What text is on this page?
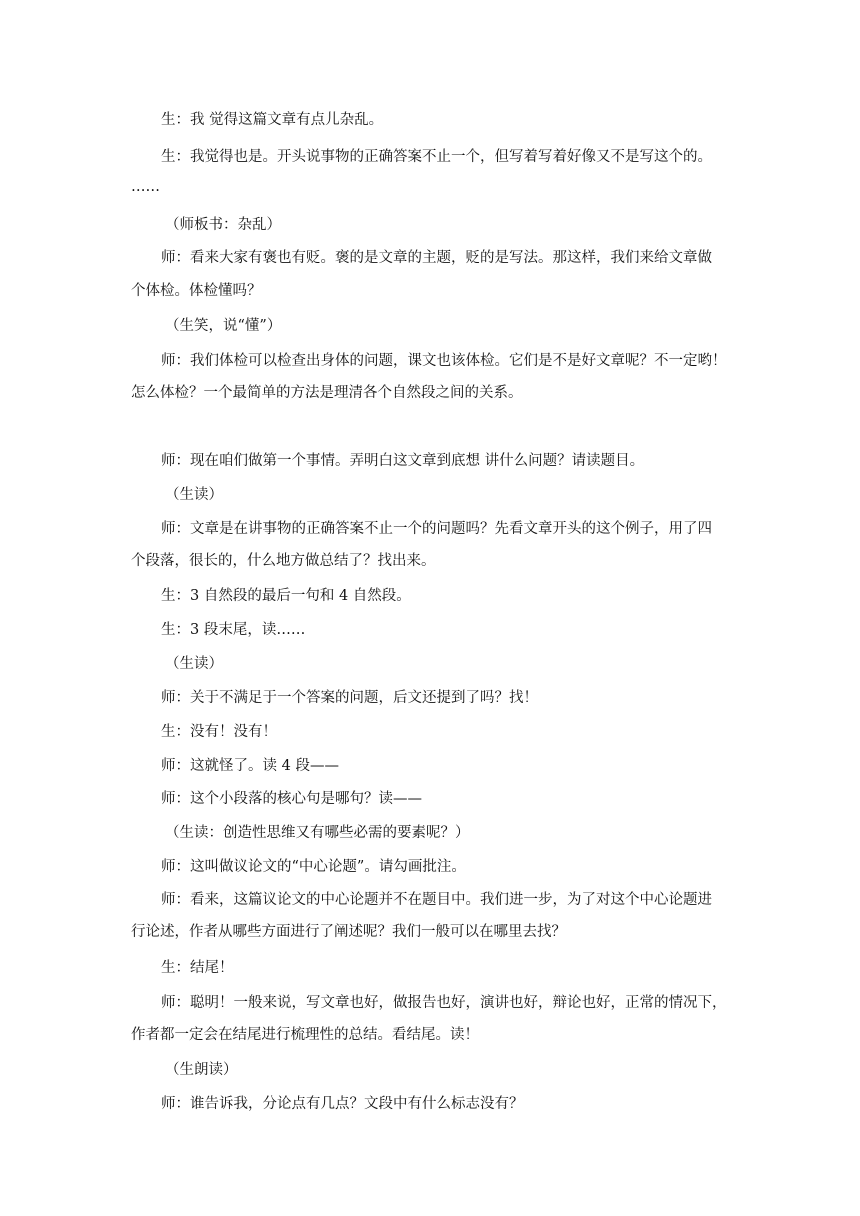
生：我 觉得这篇文章有点儿杂乱。
生：我觉得也是。开头说事物的正确答案不止一个，但写着写着好像又不是写这个的。
……
（师板书：杂乱）
师：看来大家有褒也有贬。褒的是文章的主题，贬的是写法。那这样，我们来给文章做
个体检。体检懂吗？
（生笑，说“懂”）
师：我们体检可以检查出身体的问题，课文也该体检。它们是不是好文章呢？不一定哟！
怎么体检？一个最简单的方法是理清各个自然段之间的关系。
师：现在咱们做第一个事情。弄明白这文章到底想 讲什么问题？请读题目。
（生读）
师：文章是在讲事物的正确答案不止一个的问题吗？先看文章开头的这个例子，用了四
个段落，很长的，什么地方做总结了？找出来。
生：3 自然段的最后一句和 4 自然段。
生：3 段末尾，读……
（生读）
师：关于不满足于一个答案的问题，后文还提到了吗？找！
生：没有！没有！
师：这就怪了。读 4 段——
师：这个小段落的核心句是哪句？读——
（生读：创造性思维又有哪些必需的要素呢？）
师：这叫做议论文的“中心论题”。请勾画批注。
师：看来，这篇议论文的中心论题并不在题目中。我们进一步，为了对这个中心论题进
行论述，作者从哪些方面进行了阐述呢？我们一般可以在哪里去找？
生：结尾！
师：聪明！一般来说，写文章也好，做报告也好，演讲也好，辩论也好，正常的情况下，
作者都一定会在结尾进行梳理性的总结。看结尾。读！
（生朗读）
师：谁告诉我，分论点有几点？文段中有什么标志没有？
